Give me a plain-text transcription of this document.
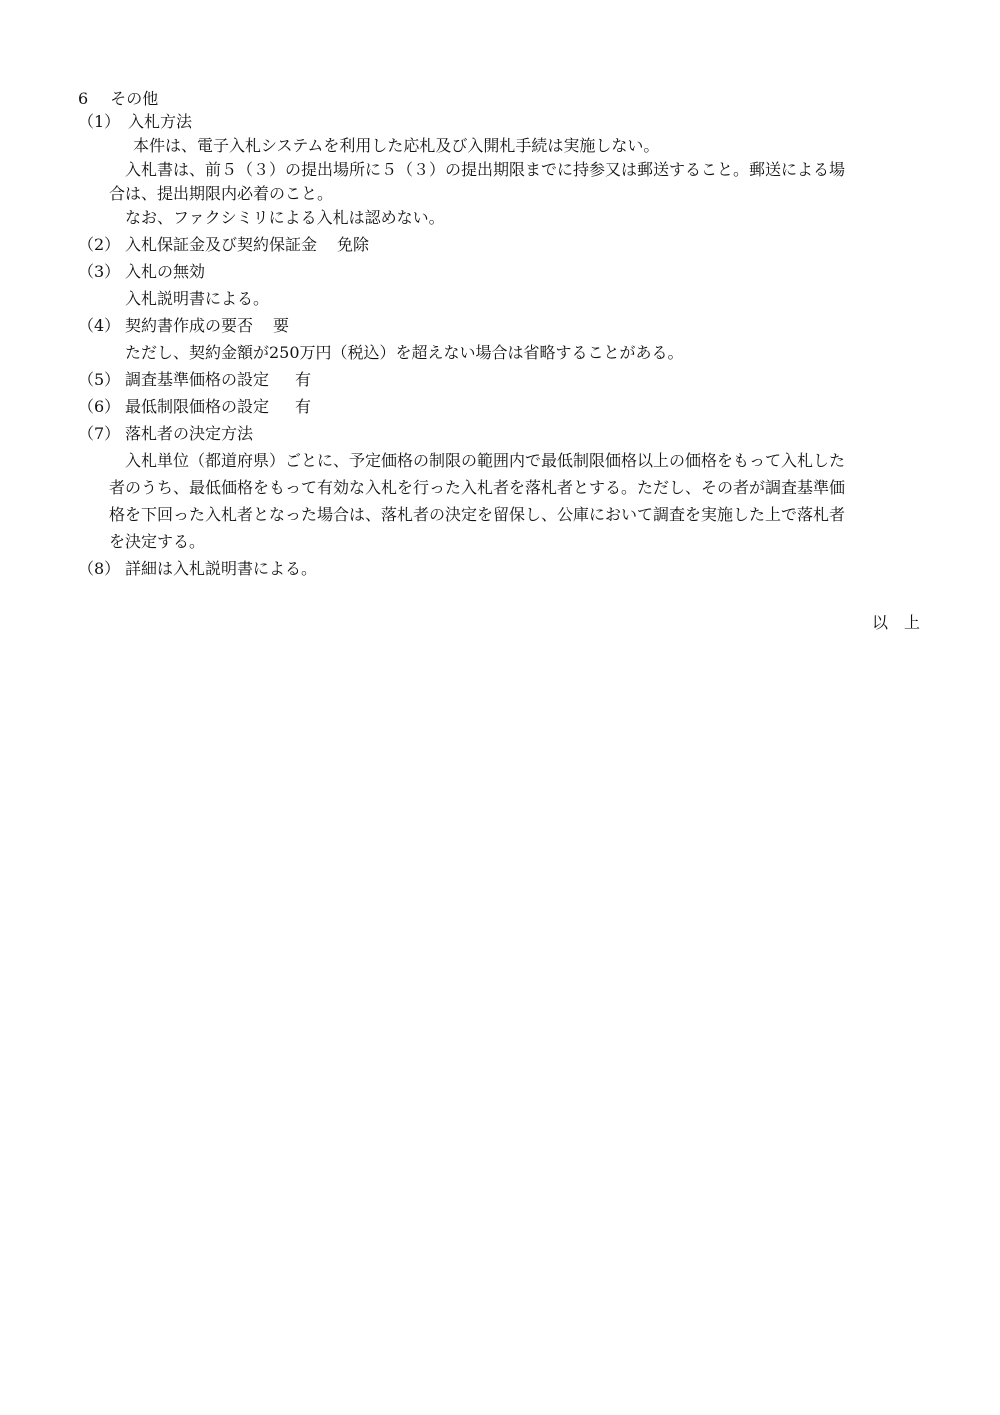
6 その他
（1） 入札方法
本件は、電子入札システムを利用した応札及び入開札手続は実施しない。
入札書は、前５（３）の提出場所に５（３）の提出期限までに持参又は郵送すること。郵送による場
合は、提出期限内必着のこと。
なお、ファクシミリによる入札は認めない。
（2） 入札保証金及び契約保証金 免除
（3） 入札の無効
入札説明書による。
（4） 契約書作成の要否 要
ただし、契約金額が250万円（税込）を超えない場合は省略することがある。
（5） 調査基準価格の設定 有
（6） 最低制限価格の設定 有
（7） 落札者の決定方法
入札単位（都道府県）ごとに、予定価格の制限の範囲内で最低制限価格以上の価格をもって入札した
者のうち、最低価格をもって有効な入札を行った入札者を落札者とする。ただし、その者が調査基準価
格を下回った入札者となった場合は、落札者の決定を留保し、公庫において調査を実施した上で落札者
を決定する。
（8） 詳細は入札説明書による。
以　上
